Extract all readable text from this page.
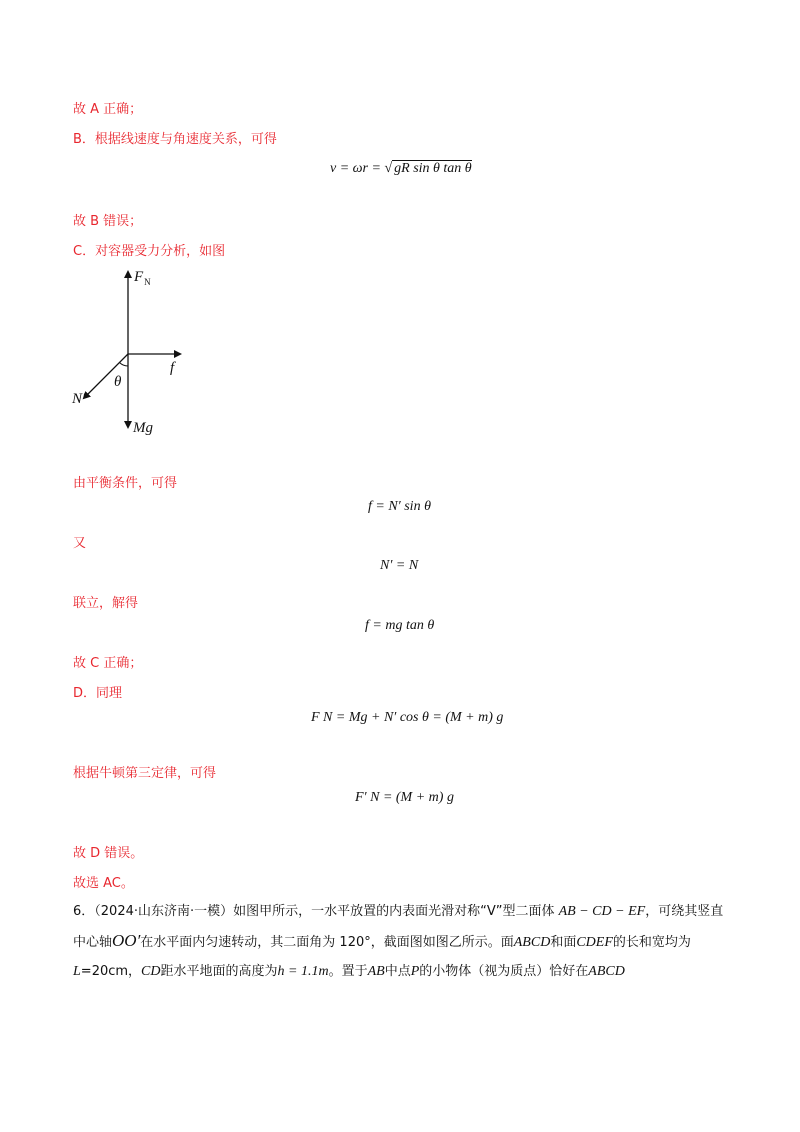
故 A 正确；
B．根据线速度与角速度关系，可得
v = ωr = √ gR sin θ tan θ
故 B 错误；
C．对容器受力分析，如图
$F_N$
f
θ
N′
Mg
由平衡条件，可得
f = N′ sin θ
又
N′ = N
联立，解得
f = mg tan θ
故 C 正确；
D．同理
F N = Mg + N′ cos θ = (M + m) g
根据牛顿第三定律，可得
F′ N = (M + m) g
故 D 错误。
故选 AC。
6．（2024·山东济南·一模）如图甲所示，一水平放置的内表面光滑对称“V”型二面体 AB − CD − EF，可绕其竖直中心轴OO′在水平面内匀速转动，其二面角为 120°，截面图如图乙所示。面ABCD和面CDEF的长和宽均为L=20cm，CD距水平地面的高度为h = 1.1m。置于AB中点P的小物体（视为质点）恰好在ABCD
